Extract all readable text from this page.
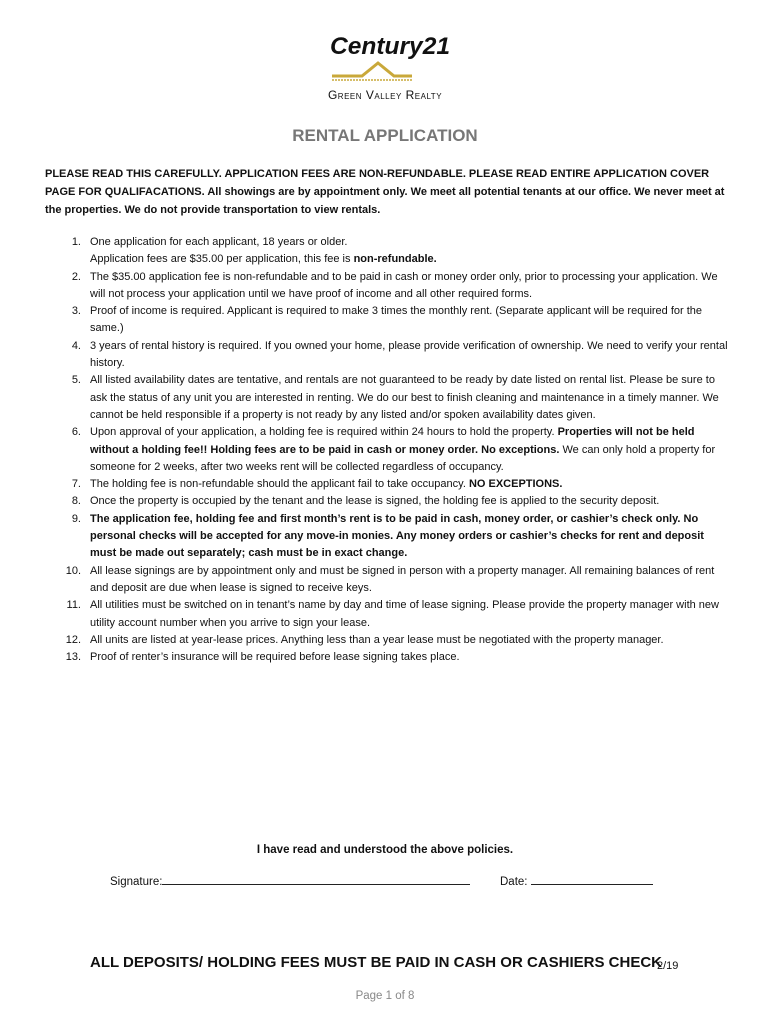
Century21
Green Valley Realty
RENTAL APPLICATION
PLEASE READ THIS CAREFULLY. APPLICATION FEES ARE NON-REFUNDABLE. PLEASE READ ENTIRE APPLICATION COVER PAGE FOR QUALIFACATIONS. All showings are by appointment only. We meet all potential tenants at our office. We never meet at the properties. We do not provide transportation to view rentals.
1. One application for each applicant, 18 years or older.
Application fees are $35.00 per application, this fee is non-refundable.
2. The $35.00 application fee is non-refundable and to be paid in cash or money order only, prior to processing your application. We will not process your application until we have proof of income and all other required forms.
3. Proof of income is required. Applicant is required to make 3 times the monthly rent. (Separate applicant will be required for the same.)
4. 3 years of rental history is required. If you owned your home, please provide verification of ownership. We need to verify your rental history.
5. All listed availability dates are tentative, and rentals are not guaranteed to be ready by date listed on rental list. Please be sure to ask the status of any unit you are interested in renting. We do our best to finish cleaning and maintenance in a timely manner. We cannot be held responsible if a property is not ready by any listed and/or spoken availability dates given.
6. Upon approval of your application, a holding fee is required within 24 hours to hold the property. Properties will not be held without a holding fee!! Holding fees are to be paid in cash or money order. No exceptions. We can only hold a property for someone for 2 weeks, after two weeks rent will be collected regardless of occupancy.
7. The holding fee is non-refundable should the applicant fail to take occupancy. NO EXCEPTIONS.
8. Once the property is occupied by the tenant and the lease is signed, the holding fee is applied to the security deposit.
9. The application fee, holding fee and first month’s rent is to be paid in cash, money order, or cashier’s check only. No personal checks will be accepted for any move-in monies. Any money orders or cashier’s checks for rent and deposit must be made out separately; cash must be in exact change.
10. All lease signings are by appointment only and must be signed in person with a property manager. All remaining balances of rent and deposit are due when lease is signed to receive keys.
11. All utilities must be switched on in tenant’s name by day and time of lease signing. Please provide the property manager with new utility account number when you arrive to sign your lease.
12. All units are listed at year-lease prices. Anything less than a year lease must be negotiated with the property manager.
13. Proof of renter’s insurance will be required before lease signing takes place.
I have read and understood the above policies.
Signature:	Date:
ALL DEPOSITS/ HOLDING FEES MUST BE PAID IN CASH OR CASHIERS CHECK
2/19
Page 1 of 8
